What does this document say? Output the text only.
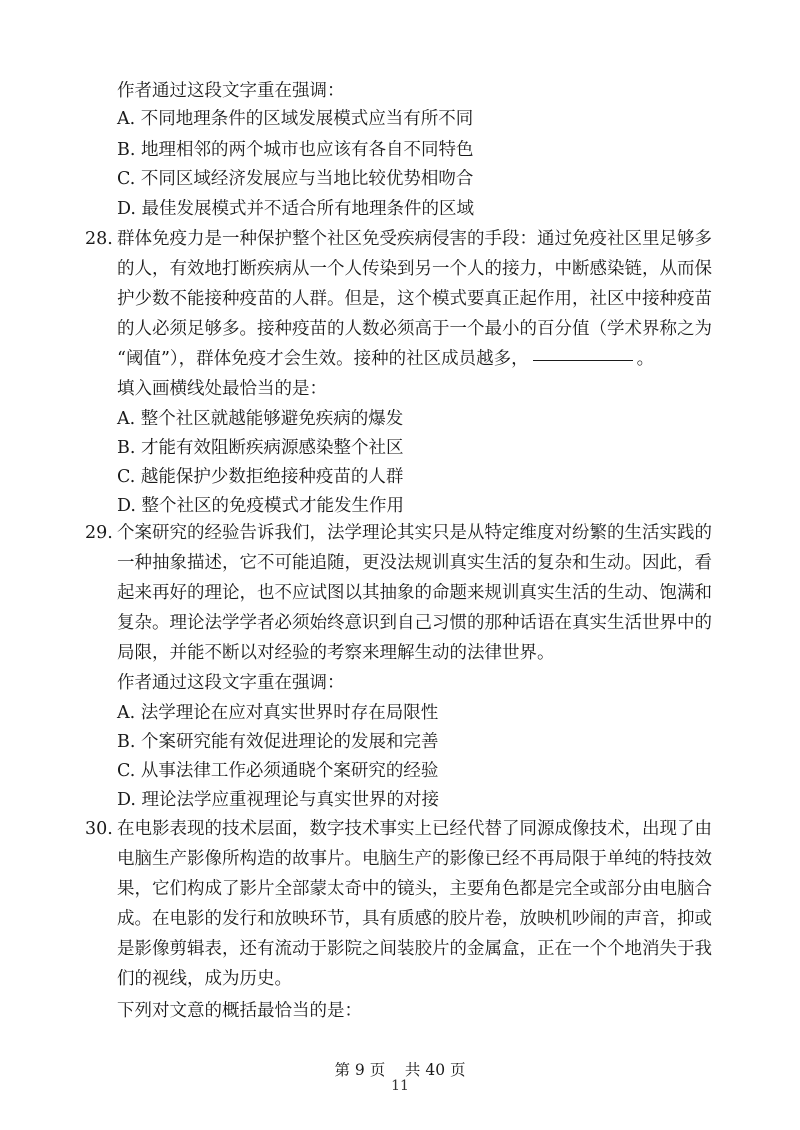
作者通过这段文字重在强调：
A. 不同地理条件的区域发展模式应当有所不同
B. 地理相邻的两个城市也应该有各自不同特色
C. 不同区域经济发展应与当地比较优势相吻合
D. 最佳发展模式并不适合所有地理条件的区域
28. 群体免疫力是一种保护整个社区免受疾病侵害的手段：通过免疫社区里足够多
的人，有效地打断疾病从一个人传染到另一个人的接力，中断感染链，从而保
护少数不能接种疫苗的人群。但是，这个模式要真正起作用，社区中接种疫苗
的人必须足够多。接种疫苗的人数必须高于一个最小的百分值（学术界称之为
“阈值”），群体免疫才会生效。接种的社区成员越多，	。
填入画横线处最恰当的是：
A. 整个社区就越能够避免疾病的爆发
B. 才能有效阻断疾病源感染整个社区
C. 越能保护少数拒绝接种疫苗的人群
D. 整个社区的免疫模式才能发生作用
29. 个案研究的经验告诉我们，法学理论其实只是从特定维度对纷繁的生活实践的
一种抽象描述，它不可能追随，更没法规训真实生活的复杂和生动。因此，看
起来再好的理论，也不应试图以其抽象的命题来规训真实生活的生动、饱满和
复杂。理论法学学者必须始终意识到自己习惯的那种话语在真实生活世界中的
局限，并能不断以对经验的考察来理解生动的法律世界。
作者通过这段文字重在强调：
A. 法学理论在应对真实世界时存在局限性
B. 个案研究能有效促进理论的发展和完善
C. 从事法律工作必须通晓个案研究的经验
D. 理论法学应重视理论与真实世界的对接
30. 在电影表现的技术层面，数字技术事实上已经代替了同源成像技术，出现了由
电脑生产影像所构造的故事片。电脑生产的影像已经不再局限于单纯的特技效
果，它们构成了影片全部蒙太奇中的镜头，主要角色都是完全或部分由电脑合
成。在电影的发行和放映环节，具有质感的胶片卷，放映机吵闹的声音，抑或
是影像剪辑表，还有流动于影院之间装胶片的金属盒，正在一个个地消失于我
们的视线，成为历史。
下列对文意的概括最恰当的是：
第 9 页    共 40 页
11
